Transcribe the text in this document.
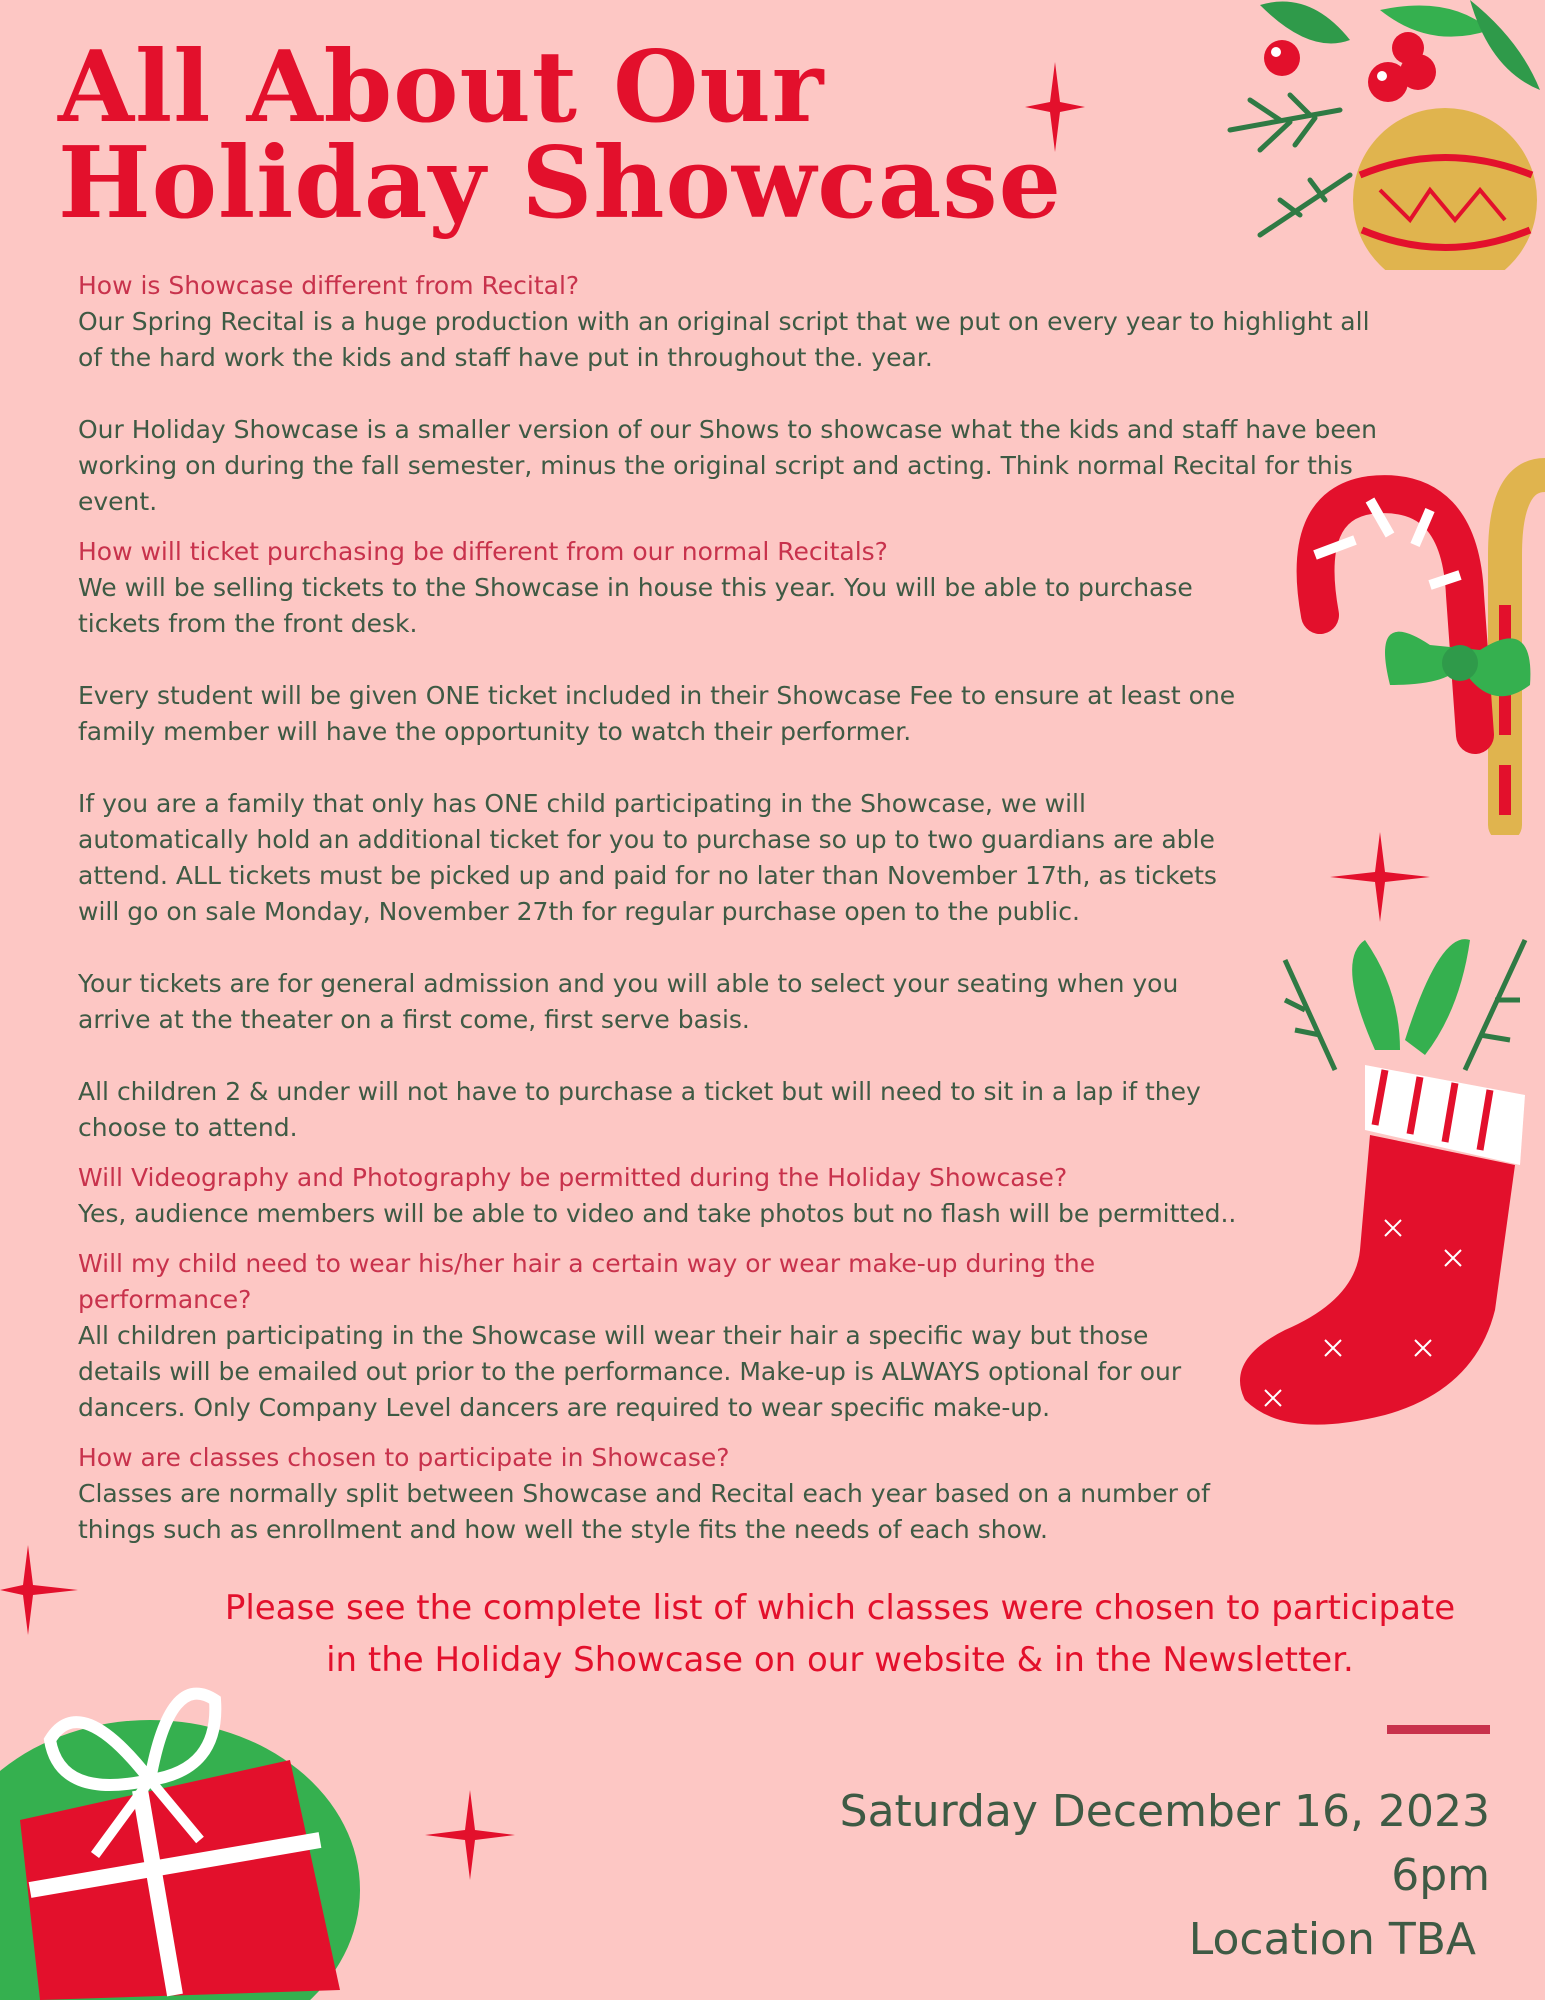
All About Our
Holiday Showcase
How is Showcase different from Recital?

Our Spring Recital is a huge production with an original script that we put on every year to highlight all of the hard work the kids and staff have put in throughout the. year.

Our Holiday Showcase is a smaller version of our Shows to showcase what the kids and staff have been working on during the fall semester, minus the original script and acting. Think normal Recital for this event.

How will ticket purchasing be different from our normal Recitals?

We will be selling tickets to the Showcase in house this year. You will be able to purchase tickets from the front desk.

Every student will be given ONE ticket included in their Showcase Fee to ensure at least one family member will have the opportunity to watch their performer.

If you are a family that only has ONE child participating in the Showcase, we will automatically hold an additional ticket for you to purchase so up to two guardians are able attend. ALL tickets must be picked up and paid for no later than November 17th, as tickets will go on sale Monday, November 27th for regular purchase open to the public.

Your tickets are for general admission and you will able to select your seating when you arrive at the theater on a first come, first serve basis.

All children 2 & under will not have to purchase a ticket but will need to sit in a lap if they choose to attend.

Will Videography and Photography be permitted during the Holiday Showcase?

Yes, audience members will be able to video and take photos but no flash will be permitted..

Will my child need to wear his/her hair a certain way or wear make-up during the performance?

All children participating in the Showcase will wear their hair a specific way but those details will be emailed out prior to the performance. Make-up is ALWAYS optional for our dancers. Only Company Level dancers are required to wear specific make-up.

How are classes chosen to participate in Showcase?

Classes are normally split between Showcase and Recital each year based on a number of things such as enrollment and how well the style fits the needs of each show.

Please see the complete list of which classes were chosen to participate
in the Holiday Showcase on our website & in the Newsletter.
Saturday December 16, 2023
6pm
Location TBA
